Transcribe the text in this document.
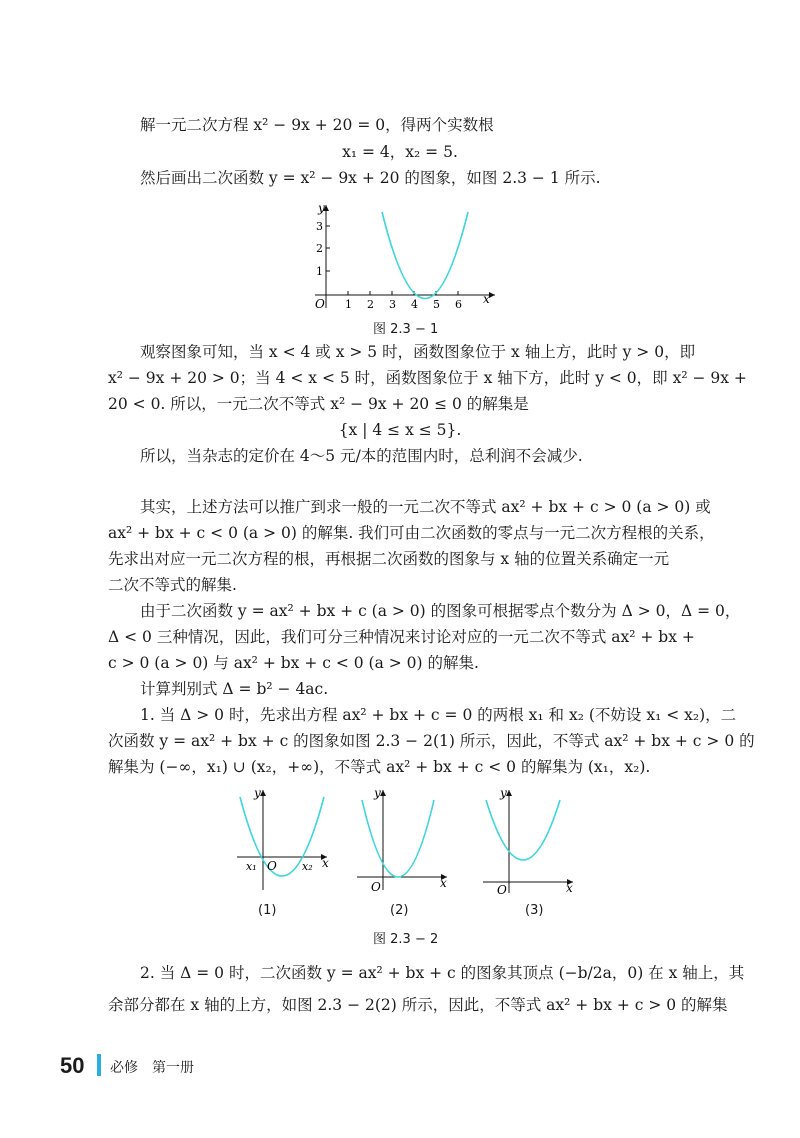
解一元二次方程 x² − 9x + 20 = 0，得两个实数根
x₁ = 4，x₂ = 5.
然后画出二次函数 y = x² − 9x + 20 的图象，如图 2.3 − 1 所示.
x
y
O 1 2 3 4 5 6
1
2
3
图 2.3 − 1
观察图象可知，当 x < 4 或 x > 5 时，函数图象位于 x 轴上方，此时 y > 0，即
x² − 9x + 20 > 0；当 4 < x < 5 时，函数图象位于 x 轴下方，此时 y < 0，即 x² − 9x +
20 < 0. 所以，一元二次不等式 x² − 9x + 20 ≤ 0 的解集是
{x | 4 ≤ x ≤ 5}.
所以，当杂志的定价在 4～5 元/本的范围内时，总利润不会减少.
其实，上述方法可以推广到求一般的一元二次不等式 ax² + bx + c > 0 (a > 0) 或
ax² + bx + c < 0 (a > 0) 的解集. 我们可由二次函数的零点与一元二次方程根的关系，
先求出对应一元二次方程的根，再根据二次函数的图象与 x 轴的位置关系确定一元
二次不等式的解集.
由于二次函数 y = ax² + bx + c (a > 0) 的图象可根据零点个数分为 Δ > 0，Δ = 0，
Δ < 0 三种情况，因此，我们可分三种情况来讨论对应的一元二次不等式 ax² + bx +
c > 0 (a > 0) 与 ax² + bx + c < 0 (a > 0) 的解集.
计算判别式 Δ = b² − 4ac.
1. 当 Δ > 0 时，先求出方程 ax² + bx + c = 0 的两根 x₁ 和 x₂ (不妨设 x₁ < x₂)，二
次函数 y = ax² + bx + c 的图象如图 2.3 − 2(1) 所示，因此，不等式 ax² + bx + c > 0 的
解集为 (−∞，x₁) ∪ (x₂，+∞)，不等式 ax² + bx + c < 0 的解集为 (x₁，x₂).
y
x
O
x₁	x₂
(1)
y
x
O
(2)
y
x
O
(3)
图 2.3 − 2
2. 当 Δ = 0 时，二次函数 y = ax² + bx + c 的图象其顶点 (−b/2a，0) 在 x 轴上，其
余部分都在 x 轴的上方，如图 2.3 − 2(2) 所示，因此，不等式 ax² + bx + c > 0 的解集
50 必修　第一册
